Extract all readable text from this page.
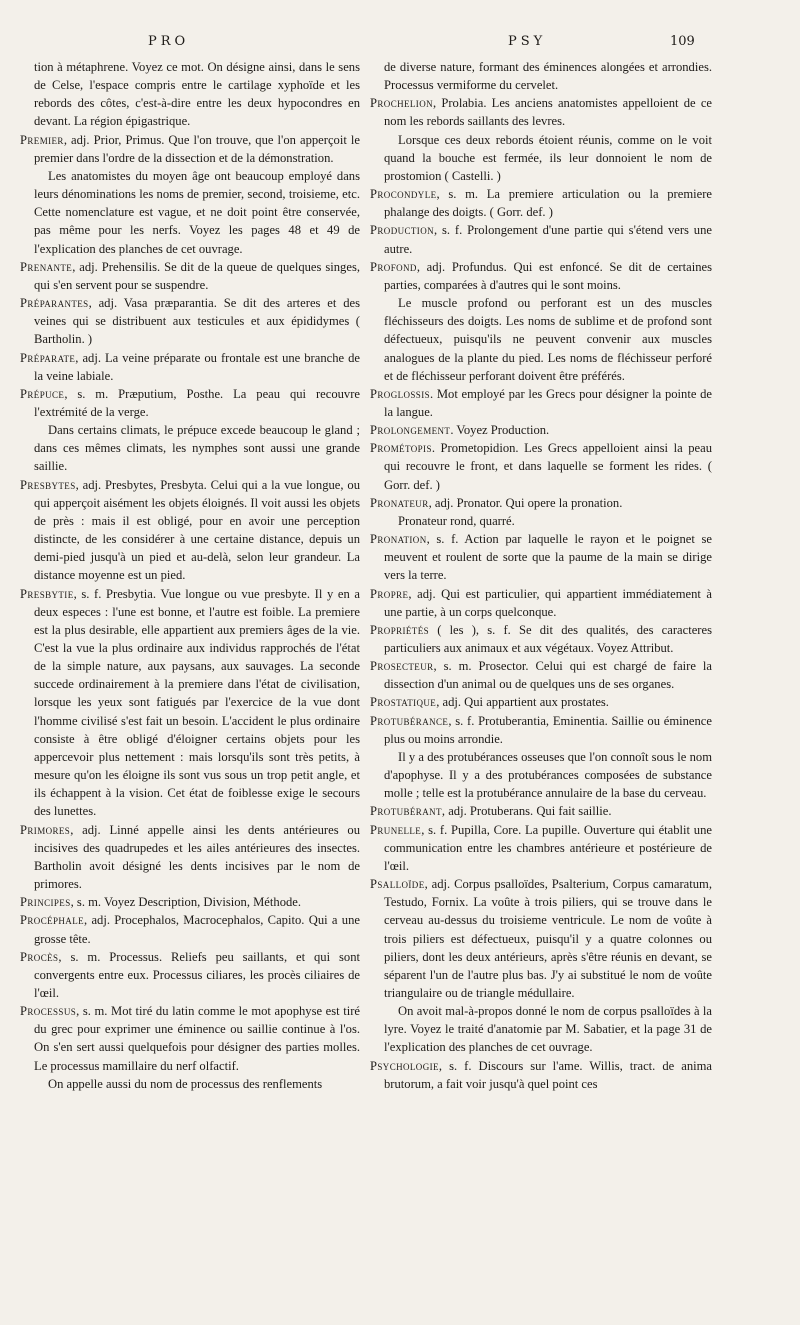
PRO	PSY	109

tion à métaphrene. Voyez ce mot. On désigne ainsi, dans le sens de Celse, l'espace compris entre le cartilage xyphoïde et les rebords des côtes, c'est-à-dire entre les deux hypocondres en devant. La région épigastrique.

Premier, adj. Prior, Primus. Que l'on trouve, que l'on apperçoit le premier dans l'ordre de la dissection et de la démonstration.

Les anatomistes du moyen âge ont beaucoup employé dans leurs dénominations les noms de premier, second, troisieme, etc. Cette nomenclature est vague, et ne doit point être conservée, pas même pour les nerfs. Voyez les pages 48 et 49 de l'explication des planches de cet ouvrage.

Prenante, adj. Prehensilis. Se dit de la queue de quelques singes, qui s'en servent pour se suspendre.

Préparantes, adj. Vasa præparantia. Se dit des arteres et des veines qui se distribuent aux testicules et aux épididymes ( Bartholin. )

Préparate, adj. La veine préparate ou frontale est une branche de la veine labiale.

Prépuce, s. m. Præputium, Posthe. La peau qui recouvre l'extrémité de la verge.

Dans certains climats, le prépuce excede beaucoup le gland ; dans ces mêmes climats, les nymphes sont aussi une grande saillie.

Presbytes, adj. Presbytes, Presbyta. Celui qui a la vue longue, ou qui apperçoit aisément les objets éloignés. Il voit aussi les objets de près : mais il est obligé, pour en avoir une perception distincte, de les considérer à une certaine distance, depuis un demi-pied jusqu'à un pied et au-delà, selon leur grandeur. La distance moyenne est un pied.

Presbytie, s. f. Presbytia. Vue longue ou vue presbyte. Il y en a deux especes : l'une est bonne, et l'autre est foible. La premiere est la plus desirable, elle appartient aux premiers âges de la vie. C'est la vue la plus ordinaire aux individus rapprochés de l'état de la simple nature, aux paysans, aux sauvages. La seconde succede ordinairement à la premiere dans l'état de civilisation, lorsque les yeux sont fatigués par l'exercice de la vue dont l'homme civilisé s'est fait un besoin. L'accident le plus ordinaire consiste à être obligé d'éloigner certains objets pour les appercevoir plus nettement : mais lorsqu'ils sont très petits, à mesure qu'on les éloigne ils sont vus sous un trop petit angle, et ils échappent à la vision. Cet état de foiblesse exige le secours des lunettes.

Primores, adj. Linné appelle ainsi les dents antérieures ou incisives des quadrupedes et les ailes antérieures des insectes. Bartholin avoit désigné les dents incisives par le nom de primores.

Principes, s. m. Voyez Description, Division, Méthode.

Procéphale, adj. Procephalos, Macrocephalos, Capito. Qui a une grosse tête.

Procès, s. m. Processus. Reliefs peu saillants, et qui sont convergents entre eux. Processus ciliares, les procès ciliaires de l'œil.

Processus, s. m. Mot tiré du latin comme le mot apophyse est tiré du grec pour exprimer une éminence ou saillie continue à l'os. On s'en sert aussi quelquefois pour désigner des parties molles. Le processus mamillaire du nerf olfactif.

On appelle aussi du nom de processus des renflements

de diverse nature, formant des éminences alongées et arrondies. Processus vermiforme du cervelet.

Prochelion, Prolabia. Les anciens anatomistes appelloient de ce nom les rebords saillants des levres.

Lorsque ces deux rebords étoient réunis, comme on le voit quand la bouche est fermée, ils leur donnoient le nom de prostomion ( Castelli. )

Procondyle, s. m. La premiere articulation ou la premiere phalange des doigts. ( Gorr. def. )

Production, s. f. Prolongement d'une partie qui s'étend vers une autre.

Profond, adj. Profundus. Qui est enfoncé. Se dit de certaines parties, comparées à d'autres qui le sont moins.

Le muscle profond ou perforant est un des muscles fléchisseurs des doigts. Les noms de sublime et de profond sont défectueux, puisqu'ils ne peuvent convenir aux muscles analogues de la plante du pied. Les noms de fléchisseur perforé et de fléchisseur perforant doivent être préférés.

Proglossis. Mot employé par les Grecs pour désigner la pointe de la langue.

Prolongement. Voyez Production.

Prométopis. Prometopidion. Les Grecs appelloient ainsi la peau qui recouvre le front, et dans laquelle se forment les rides. ( Gorr. def. )

Pronateur, adj. Pronator. Qui opere la pronation.

Pronateur rond, quarré.

Pronation, s. f. Action par laquelle le rayon et le poignet se meuvent et roulent de sorte que la paume de la main se dirige vers la terre.

Propre, adj. Qui est particulier, qui appartient immédiatement à une partie, à un corps quelconque.

Propriétés ( les ), s. f. Se dit des qualités, des caracteres particuliers aux animaux et aux végétaux. Voyez Attribut.

Prosecteur, s. m. Prosector. Celui qui est chargé de faire la dissection d'un animal ou de quelques uns de ses organes.

Prostatique, adj. Qui appartient aux prostates.

Protubérance, s. f. Protuberantia, Eminentia. Saillie ou éminence plus ou moins arrondie.

Il y a des protubérances osseuses que l'on connoît sous le nom d'apophyse. Il y a des protubérances composées de substance molle ; telle est la protubérance annulaire de la base du cerveau.

Protubérant, adj. Protuberans. Qui fait saillie.

Prunelle, s. f. Pupilla, Core. La pupille. Ouverture qui établit une communication entre les chambres antérieure et postérieure de l'œil.

Psalloïde, adj. Corpus psalloïdes, Psalterium, Corpus camaratum, Testudo, Fornix. La voûte à trois piliers, qui se trouve dans le cerveau au-dessus du troisieme ventricule. Le nom de voûte à trois piliers est défectueux, puisqu'il y a quatre colonnes ou piliers, dont les deux antérieurs, après s'être réunis en devant, se séparent l'un de l'autre plus bas. J'y ai substitué le nom de voûte triangulaire ou de triangle médullaire.

On avoit mal-à-propos donné le nom de corpus psalloïdes à la lyre. Voyez le traité d'anatomie par M. Sabatier, et la page 31 de l'explication des planches de cet ouvrage.

Psychologie, s. f. Discours sur l'ame. Willis, tract. de anima brutorum, a fait voir jusqu'à quel point ces
